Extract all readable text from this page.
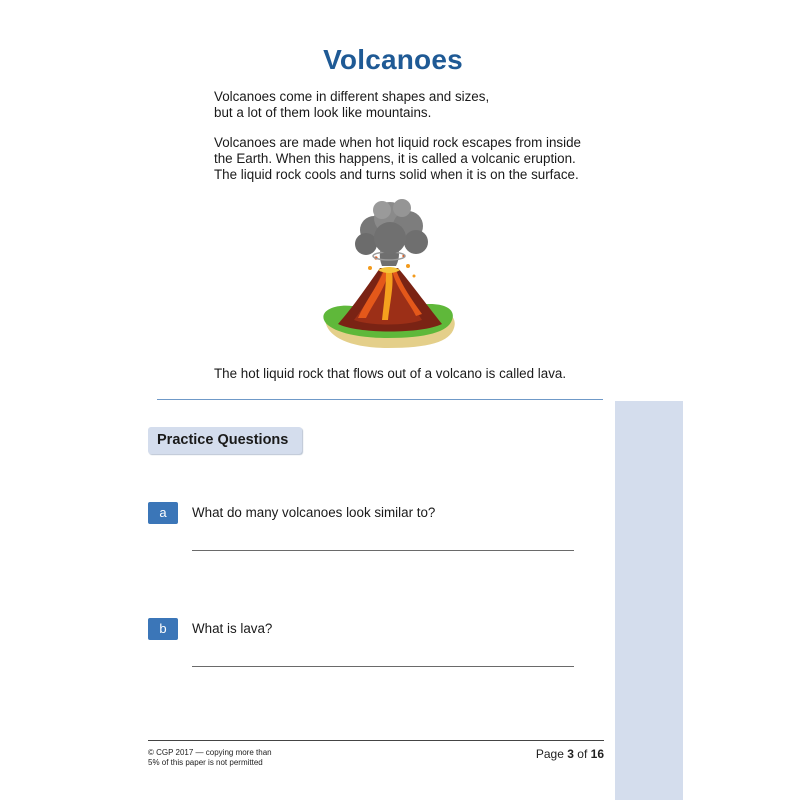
Volcanoes
Volcanoes come in different shapes and sizes,
but a lot of them look like mountains.
Volcanoes are made when hot liquid rock escapes from inside
the Earth. When this happens, it is called a volcanic eruption.
The liquid rock cools and turns solid when it is on the surface.
The hot liquid rock that flows out of a volcano is called lava.
Practice Questions
a	What do many volcanoes look similar to?
b	What is lava?
© CGP 2017 — copying more than
5% of this paper is not permitted
Page 3 of 16
